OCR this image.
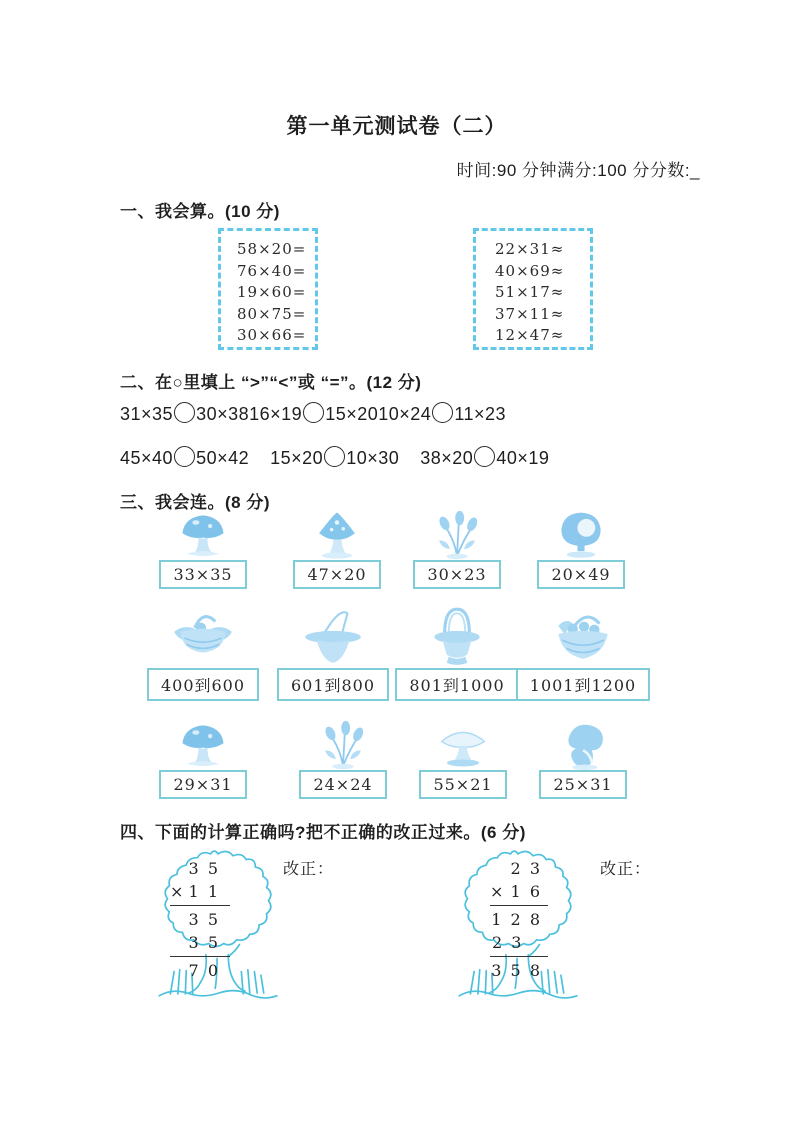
第一单元测试卷（二）
时间:90 分钟满分:100 分分数:_
一、我会算。(10 分)
58×20=
76×40=
19×60=
80×75=
30×66=
22×31≈
40×69≈
51×17≈
37×11≈
12×47≈
二、在○里填上 “>”“<”或 “=”。(12 分)
31×35 30×3816×19 15×2010×24 11×23
45×40 50×42 15×20 10×30 38×20 40×19
三、我会连。(8 分)
33×35	47×20	30×23	20×49
400到600	601到800	801到1000	1001到1200
29×31	24×24	55×21	25×31
四、下面的计算正确吗?把不正确的改正过来。(6 分)
3 5
× 1 1
3 5
3 5
7 0
改正：	2 3
× 1 6
1 2 8
2 3
3 5 8
改正：
